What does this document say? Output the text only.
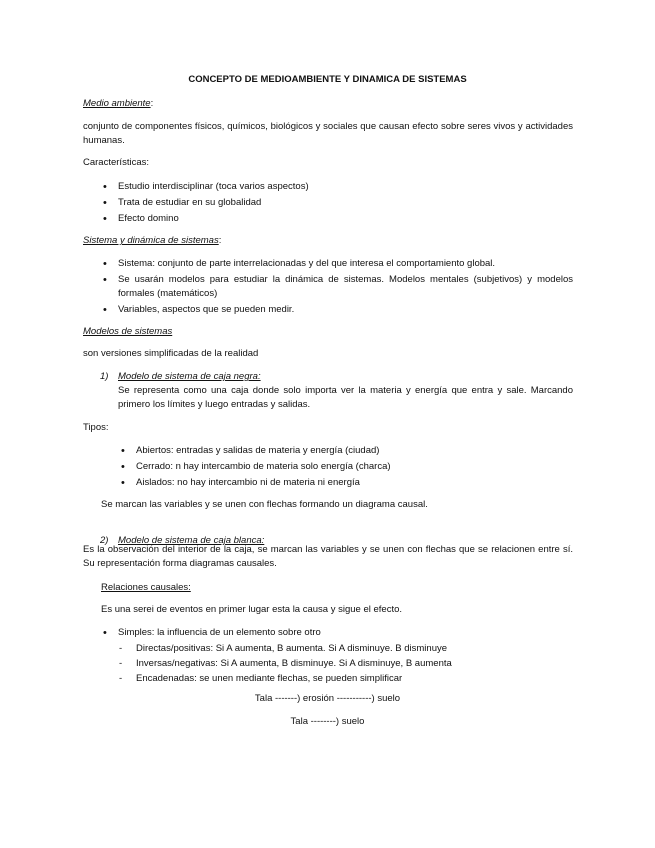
CONCEPTO DE MEDIOAMBIENTE Y DINAMICA DE SISTEMAS
Medio ambiente:
conjunto de componentes físicos, químicos, biológicos y sociales que causan efecto sobre seres vivos y actividades humanas.
Características:
• Estudio interdisciplinar (toca varios aspectos)
• Trata de estudiar en su globalidad
• Efecto domino
Sistema y dinámica de sistemas:
• Sistema: conjunto de parte interrelacionadas y del que interesa el comportamiento global.
• Se usarán modelos para estudiar la dinámica de sistemas. Modelos mentales (subjetivos) y modelos formales (matemáticos)
• Variables, aspectos que se pueden medir.
Modelos de sistemas
son versiones simplificadas de la realidad
1) Modelo de sistema de caja negra:
Se representa como una caja donde solo importa ver la materia y energía que entra y sale. Marcando primero los límites y luego entradas y salidas.
Tipos:
• Abiertos: entradas y salidas de materia y energía (ciudad)
• Cerrado: n hay intercambio de materia solo energía (charca)
• Aislados: no hay intercambio ni de materia ni energía
Se marcan las variables y se unen con flechas formando un diagrama causal.
2) Modelo de sistema de caja blanca:
Es la observación del interior de la caja, se marcan las variables y se unen con flechas que se relacionen entre sí. Su representación forma diagramas causales.
Relaciones causales:
Es una serei de eventos en primer lugar esta la causa y sigue el efecto.
• Simples: la influencia de un elemento sobre otro
- Directas/positivas: Si A aumenta, B aumenta. Si A disminuye. B disminuye
- Inversas/negativas: Si A aumenta, B disminuye. Si A disminuye, B aumenta
- Encadenadas: se unen mediante flechas, se pueden simplificar
Tala -------) erosión -----------) suelo
Tala --------) suelo
